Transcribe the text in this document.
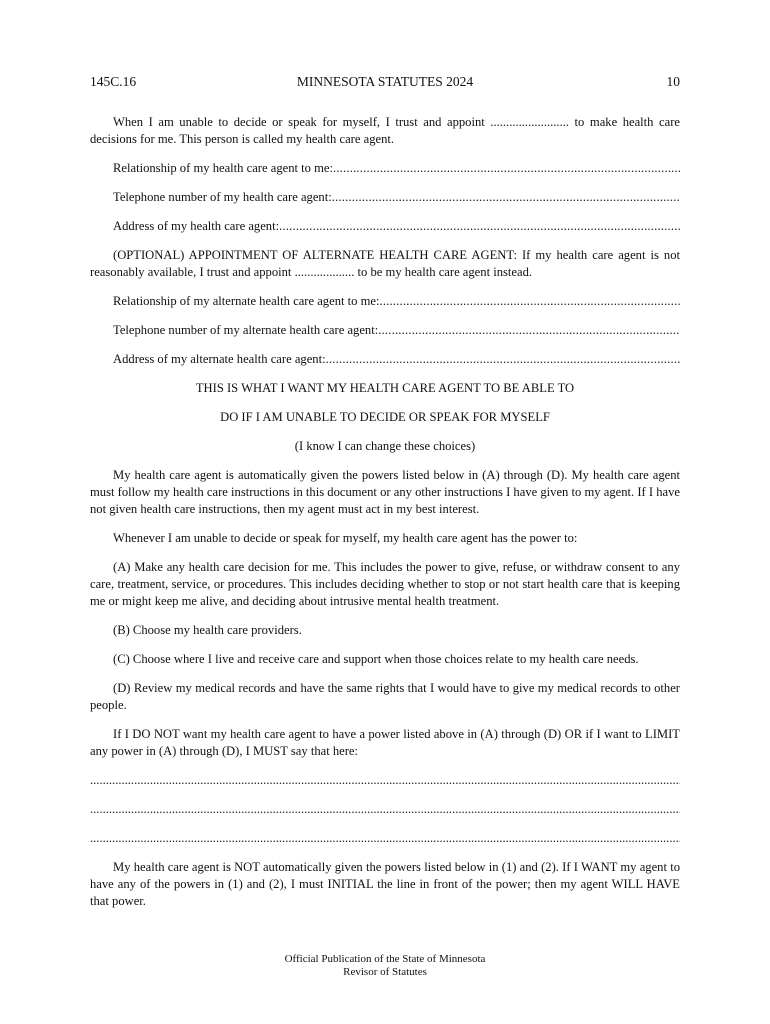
145C.16	MINNESOTA STATUTES 2024	10

When I am unable to decide or speak for myself, I trust and appoint ......................... to make health care decisions for me. This person is called my health care agent.

Relationship of my health care agent to me: .....

Telephone number of my health care agent: .....

Address of my health care agent: .....

(OPTIONAL) APPOINTMENT OF ALTERNATE HEALTH CARE AGENT: If my health care agent is not reasonably available, I trust and appoint ................... to be my health care agent instead.

Relationship of my alternate health care agent to me: .....

Telephone number of my alternate health care agent: .....

Address of my alternate health care agent: .....

THIS IS WHAT I WANT MY HEALTH CARE AGENT TO BE ABLE TO

DO IF I AM UNABLE TO DECIDE OR SPEAK FOR MYSELF

(I know I can change these choices)

My health care agent is automatically given the powers listed below in (A) through (D). My health care agent must follow my health care instructions in this document or any other instructions I have given to my agent. If I have not given health care instructions, then my agent must act in my best interest.

Whenever I am unable to decide or speak for myself, my health care agent has the power to:

(A) Make any health care decision for me. This includes the power to give, refuse, or withdraw consent to any care, treatment, service, or procedures. This includes deciding whether to stop or not start health care that is keeping me or might keep me alive, and deciding about intrusive mental health treatment.

(B) Choose my health care providers.

(C) Choose where I live and receive care and support when those choices relate to my health care needs.

(D) Review my medical records and have the same rights that I would have to give my medical records to other people.

If I DO NOT want my health care agent to have a power listed above in (A) through (D) OR if I want to LIMIT any power in (A) through (D), I MUST say that here:

.....
.....
.....

My health care agent is NOT automatically given the powers listed below in (1) and (2). If I WANT my agent to have any of the powers in (1) and (2), I must INITIAL the line in front of the power; then my agent WILL HAVE that power.

Official Publication of the State of Minnesota
Revisor of Statutes
